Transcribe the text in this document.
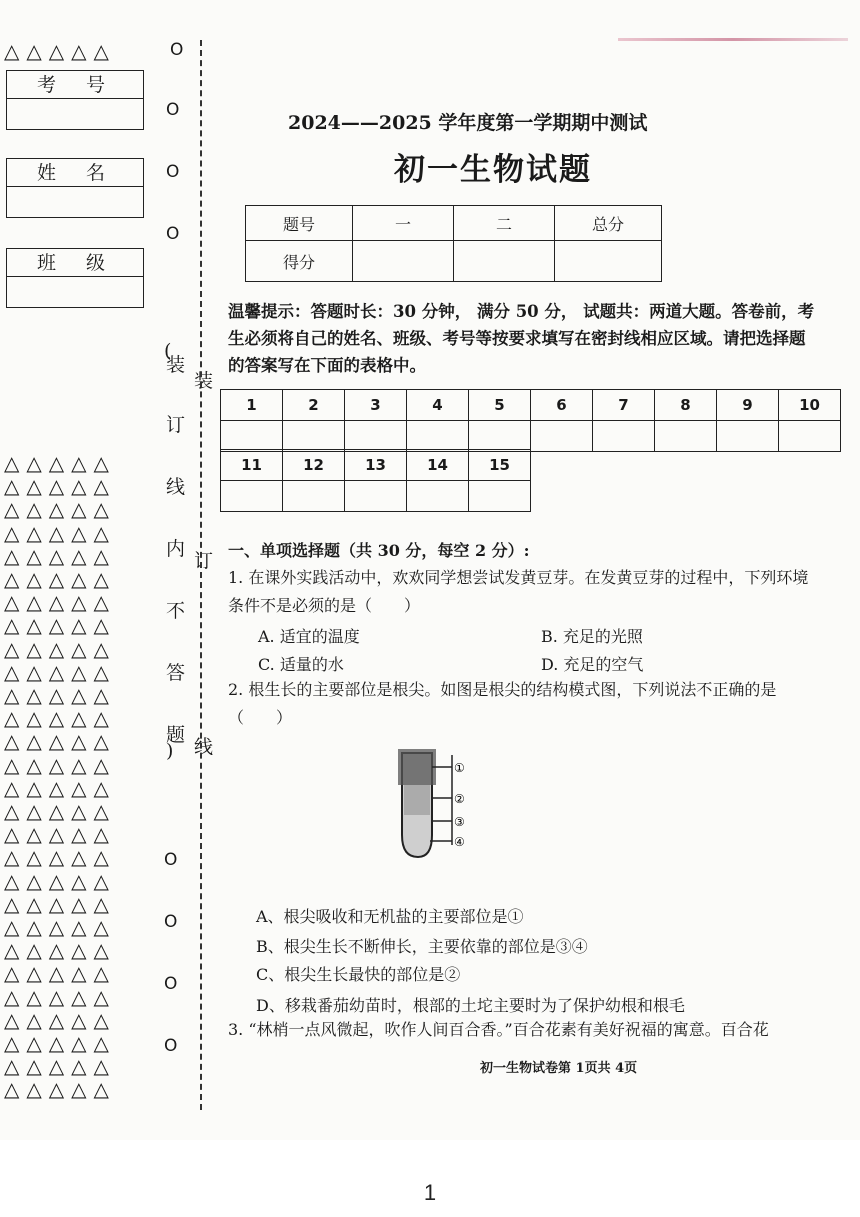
△△△△△	O
考号
姓名
班级
O
O
O
(
装
订
线
内
不
答
题
)
装
订
线
△△△△△
△△△△△
△△△△△
△△△△△
△△△△△
△△△△△
△△△△△
△△△△△
△△△△△
△△△△△
△△△△△
△△△△△
△△△△△
△△△△△
△△△△△
△△△△△
△△△△△
△△△△△
△△△△△
△△△△△
△△△△△
△△△△△
△△△△△
△△△△△
△△△△△
△△△△△
△△△△△
△△△△△
O
O
O
O
2024——2025 学年度第一学期期中测试
初一生物试题
题号	一	二	总分
得分			
温馨提示：答题时长：30 分钟， 满分 50 分， 试题共：两道大题。答卷前，考生必须将自己的姓名、班级、考号等按要求填写在密封线相应区域。请把选择题的答案写在下面的表格中。
1	2	3	4	5	6	7	8	9	10

11	12	13	14	15

一、单项选择题（共 30 分，每空 2 分）:
1. 在课外实践活动中，欢欢同学想尝试发黄豆芽。在发黄豆芽的过程中，下列环境条件不是必须的是（　　）
A. 适宜的温度	B. 充足的光照
C. 适量的水	D. 充足的空气
2. 根生长的主要部位是根尖。如图是根尖的结构模式图，下列说法不正确的是（　　）
①
②
③
④
A、根尖吸收和无机盐的主要部位是①
B、根尖生长不断伸长，主要依靠的部位是③④
C、根尖生长最快的部位是②
D、移栽番茄幼苗时，根部的土坨主要时为了保护幼根和根毛
3. “林梢一点风微起，吹作人间百合香。”百合花素有美好祝福的寓意。百合花
初一生物试卷第 1页共 4页
1
